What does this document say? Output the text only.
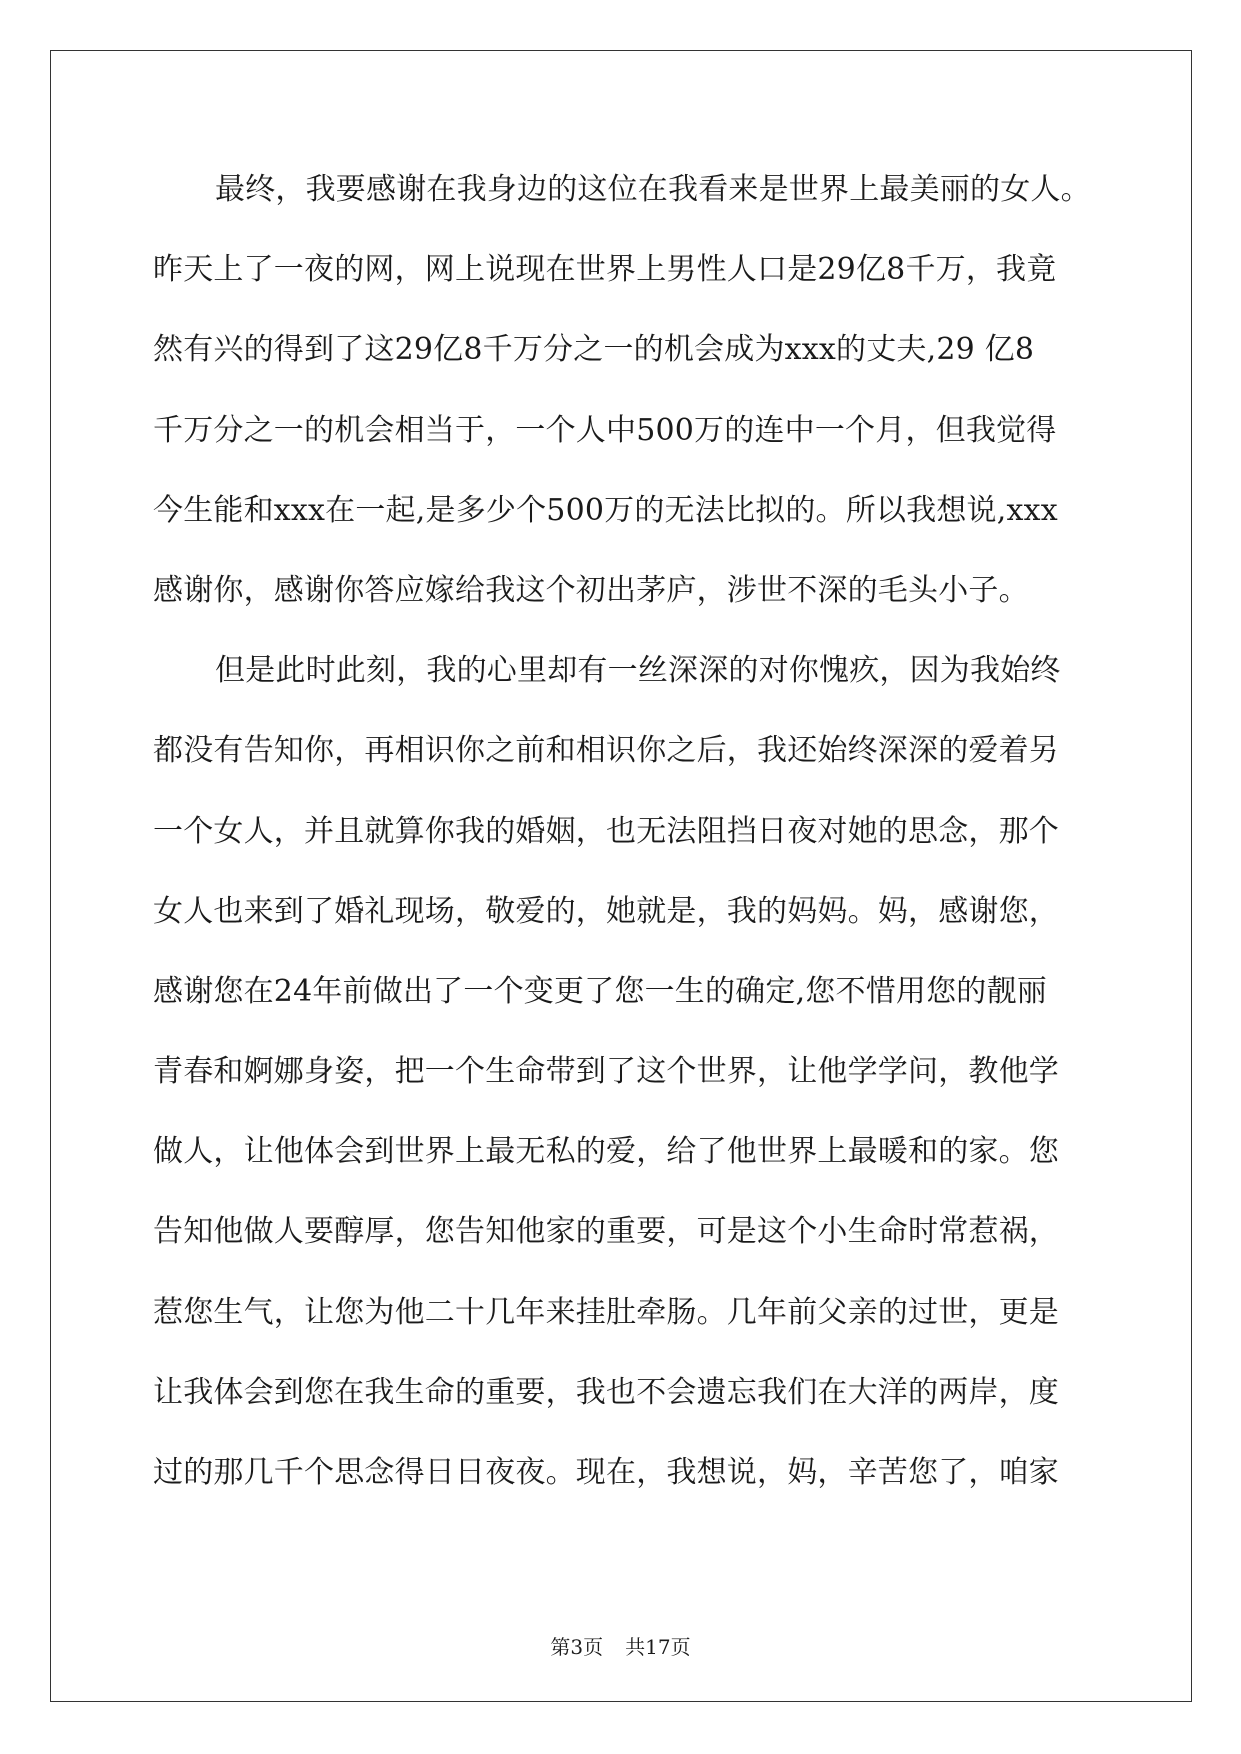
最终，我要感谢在我身边的这位在我看来是世界上最美丽的女人。
昨天上了一夜的网，网上说现在世界上男性人口是29亿8千万，我竟
然有兴的得到了这29亿8千万分之一的机会成为xxx的丈夫,29 亿8
千万分之一的机会相当于，一个人中500万的连中一个月，但我觉得
今生能和xxx在一起,是多少个500万的无法比拟的。所以我想说,xxx
感谢你，感谢你答应嫁给我这个初出茅庐，涉世不深的毛头小子。
但是此时此刻，我的心里却有一丝深深的对你愧疚，因为我始终
都没有告知你，再相识你之前和相识你之后，我还始终深深的爱着另
一个女人，并且就算你我的婚姻，也无法阻挡日夜对她的思念，那个
女人也来到了婚礼现场，敬爱的，她就是，我的妈妈。妈，感谢您，
感谢您在24年前做出了一个变更了您一生的确定,您不惜用您的靓丽
青春和婀娜身姿，把一个生命带到了这个世界，让他学学问，教他学
做人，让他体会到世界上最无私的爱，给了他世界上最暖和的家。您
告知他做人要醇厚，您告知他家的重要，可是这个小生命时常惹祸，
惹您生气，让您为他二十几年来挂肚牵肠。几年前父亲的过世，更是
让我体会到您在我生命的重要，我也不会遗忘我们在大洋的两岸，度
过的那几千个思念得日日夜夜。现在，我想说，妈，辛苦您了，咱家
第3页 共17页
